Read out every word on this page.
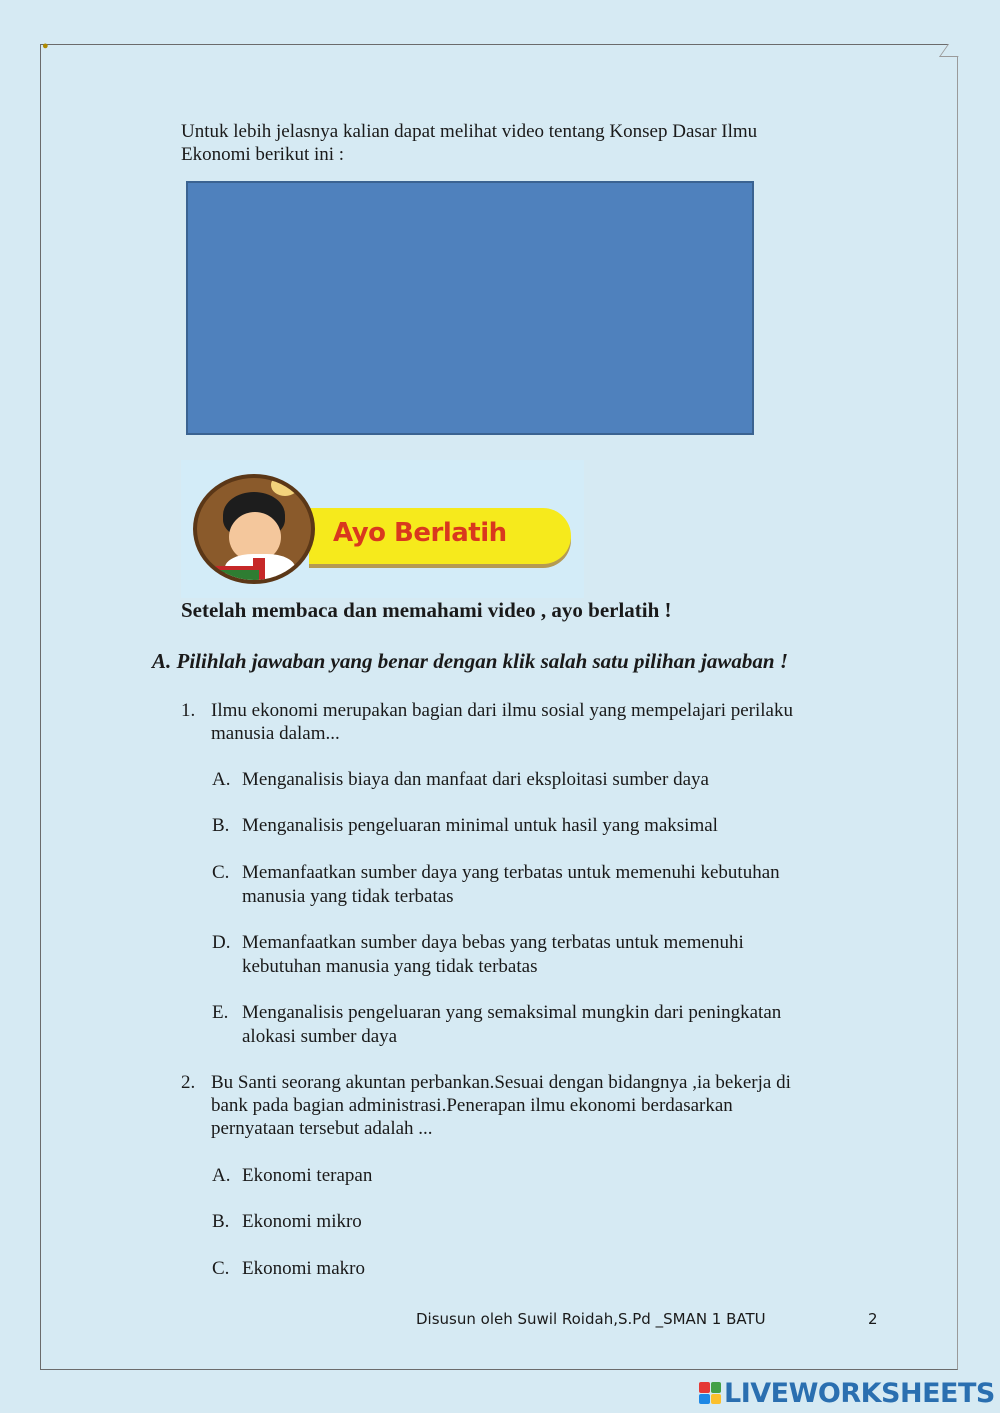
●
Untuk lebih jelasnya kalian dapat melihat video tentang Konsep Dasar Ilmu
Ekonomi berikut ini :
Ayo Berlatih
Setelah membaca dan memahami video , ayo berlatih !
A. Pilihlah jawaban yang benar dengan klik salah satu pilihan jawaban !
1. Ilmu ekonomi merupakan bagian dari ilmu sosial yang mempelajari perilaku
manusia dalam...
A. Menganalisis biaya dan manfaat dari eksploitasi sumber daya
B. Menganalisis pengeluaran minimal untuk hasil yang maksimal
C. Memanfaatkan sumber daya yang terbatas untuk memenuhi kebutuhan
manusia yang tidak terbatas
D. Memanfaatkan sumber daya bebas yang terbatas untuk memenuhi
kebutuhan manusia yang tidak terbatas
E. Menganalisis pengeluaran yang semaksimal mungkin dari peningkatan
alokasi sumber daya
2. Bu Santi seorang akuntan perbankan.Sesuai dengan bidangnya ,ia bekerja di
bank pada bagian administrasi.Penerapan ilmu ekonomi berdasarkan
pernyataan tersebut adalah ...
A. Ekonomi terapan
B. Ekonomi mikro
C. Ekonomi makro
Disusun oleh Suwil Roidah,S.Pd _SMAN 1 BATU	2
LIVEWORKSHEETS
